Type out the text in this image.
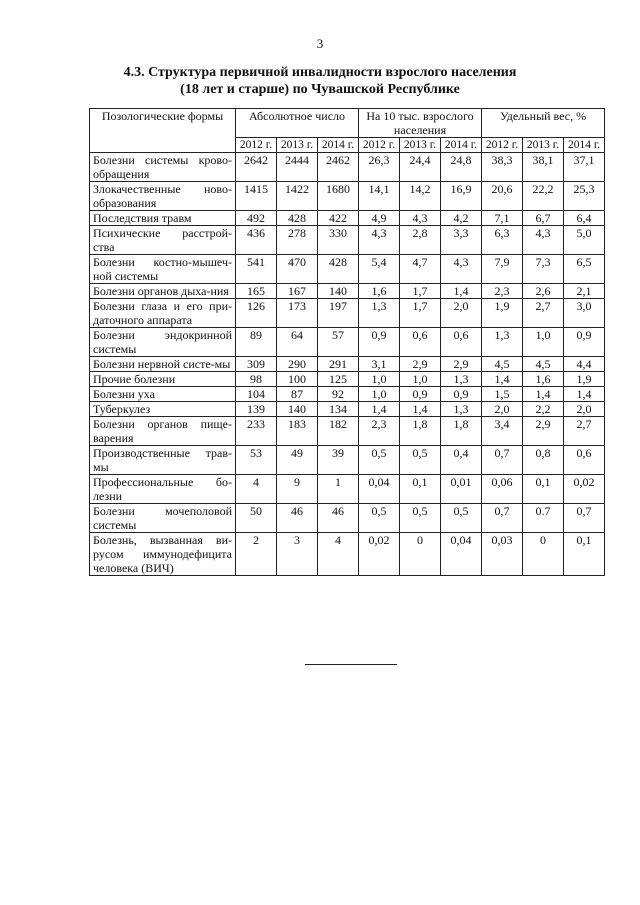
3
4.3. Структура первичной инвалидности взрослого населения
(18 лет и старше) по Чувашской Республике
Позологические формы	Абсолютное число			На 10 тыс. взрослого населения			Удельный вес, %		
	2012 г.	2013 г.	2014 г.	2012 г.	2013 г.	2014 г.	2012 г.	2013 г.	2014 г.
Болезни системы крово-обращения	2642	2444	2462	26,3	24,4	24,8	38,3	38,1	37,1
Злокачественные ново-образования	1415	1422	1680	14,1	14,2	16,9	20,6	22,2	25,3
Последствия травм	492	428	422	4,9	4,3	4,2	7,1	6,7	6,4
Психические расстрой-ства	436	278	330	4,3	2,8	3,3	6,3	4,3	5,0
Болезни костно-мышеч-ной системы	541	470	428	5,4	4,7	4,3	7,9	7,3	6,5
Болезни органов дыха-ния	165	167	140	1,6	1,7	1,4	2,3	2,6	2,1
Болезни глаза и его при-даточного аппарата	126	173	197	1,3	1,7	2,0	1,9	2,7	3,0
Болезни эндокринной системы	89	64	57	0,9	0,6	0,6	1,3	1,0	0,9
Болезни нервной систе-мы	309	290	291	3,1	2,9	2,9	4,5	4,5	4,4
Прочие болезни	98	100	125	1,0	1,0	1,3	1,4	1,6	1,9
Болезни уха	104	87	92	1,0	0,9	0,9	1,5	1,4	1,4
Туберкулез	139	140	134	1,4	1,4	1,3	2,0	2,2	2,0
Болезни органов пище-варения	233	183	182	2,3	1,8	1,8	3,4	2,9	2,7
Производственные трав-мы	53	49	39	0,5	0,5	0,4	0,7	0,8	0,6
Профессиональные бо-лезни	4	9	1	0,04	0,1	0,01	0,06	0,1	0,02
Болезни мочеполовой системы	50	46	46	0,5	0,5	0,5	0,7	0.7	0,7
Болезнь, вызванная ви-русом иммунодефицита человека (ВИЧ)	2	3	4	0,02	0	0,04	0,03	0	0,1
